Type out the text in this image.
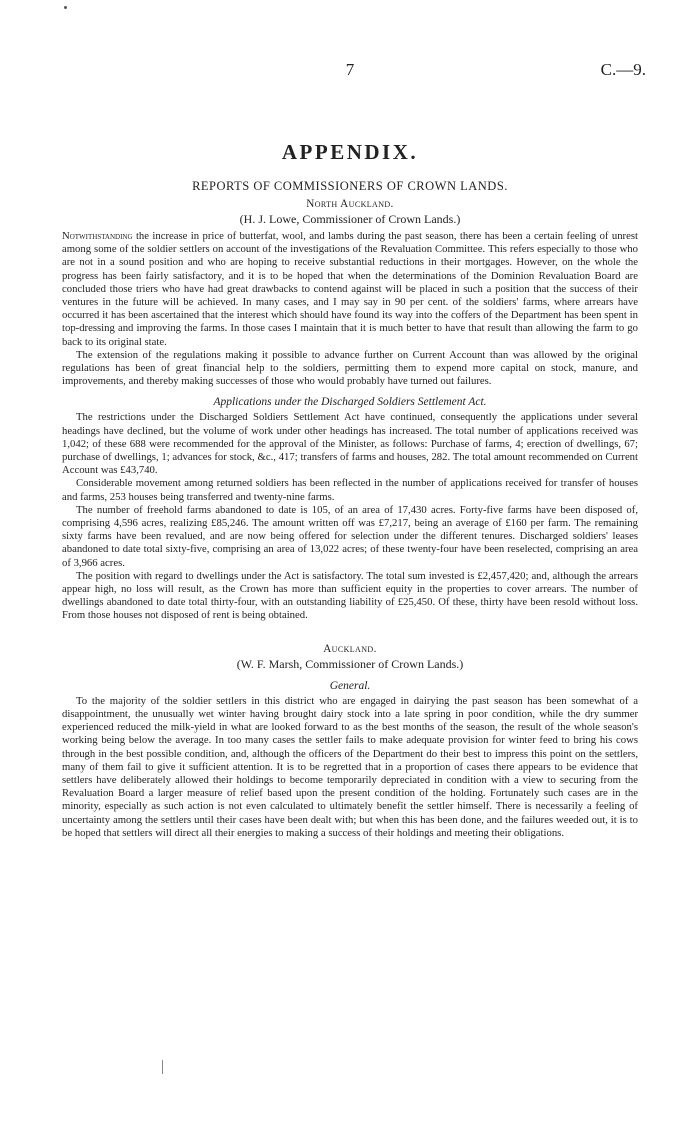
7	C.—9.
APPENDIX.
REPORTS OF COMMISSIONERS OF CROWN LANDS.
North Auckland.
(H. J. Lowe, Commissioner of Crown Lands.)

Notwithstanding the increase in price of butterfat, wool, and lambs during the past season, there has been a certain feeling of unrest among some of the soldier settlers on account of the investigations of the Revaluation Committee. This refers especially to those who are not in a sound position and who are hoping to receive substantial reductions in their mortgages. However, on the whole the progress has been fairly satisfactory, and it is to be hoped that when the determinations of the Dominion Revaluation Board are concluded those triers who have had great drawbacks to contend against will be placed in such a position that the success of their ventures in the future will be achieved. In many cases, and I may say in 90 per cent. of the soldiers' farms, where arrears have occurred it has been ascertained that the interest which should have found its way into the coffers of the Department has been spent in top-dressing and improving the farms. In those cases I maintain that it is much better to have that result than allowing the farm to go back to its original state.

The extension of the regulations making it possible to advance further on Current Account than was allowed by the original regulations has been of great financial help to the soldiers, permitting them to expend more capital on stock, manure, and improvements, and thereby making successes of those who would probably have turned out failures.

Applications under the Discharged Soldiers Settlement Act.

The restrictions under the Discharged Soldiers Settlement Act have continued, consequently the applications under several headings have declined, but the volume of work under other headings has increased. The total number of applications received was 1,042; of these 688 were recommended for the approval of the Minister, as follows: Purchase of farms, 4; erection of dwellings, 67; purchase of dwellings, 1; advances for stock, &c., 417; transfers of farms and houses, 282. The total amount recommended on Current Account was £43,740.

Considerable movement among returned soldiers has been reflected in the number of applications received for transfer of houses and farms, 253 houses being transferred and twenty-nine farms.

The number of freehold farms abandoned to date is 105, of an area of 17,430 acres. Forty-five farms have been disposed of, comprising 4,596 acres, realizing £85,246. The amount written off was £7,217, being an average of £160 per farm. The remaining sixty farms have been revalued, and are now being offered for selection under the different tenures. Discharged soldiers' leases abandoned to date total sixty-five, comprising an area of 13,022 acres; of these twenty-four have been reselected, comprising an area of 3,966 acres.

The position with regard to dwellings under the Act is satisfactory. The total sum invested is £2,457,420; and, although the arrears appear high, no loss will result, as the Crown has more than sufficient equity in the properties to cover arrears. The number of dwellings abandoned to date total thirty-four, with an outstanding liability of £25,450. Of these, thirty have been resold without loss. From those houses not disposed of rent is being obtained.

Auckland.
(W. F. Marsh, Commissioner of Crown Lands.)
General.

To the majority of the soldier settlers in this district who are engaged in dairying the past season has been somewhat of a disappointment, the unusually wet winter having brought dairy stock into a late spring in poor condition, while the dry summer experienced reduced the milk-yield in what are looked forward to as the best months of the season, the result of the whole season's working being below the average. In too many cases the settler fails to make adequate provision for winter feed to bring his cows through in the best possible condition, and, although the officers of the Department do their best to impress this point on the settlers, many of them fail to give it sufficient attention. It is to be regretted that in a proportion of cases there appears to be evidence that settlers have deliberately allowed their holdings to become temporarily depreciated in condition with a view to securing from the Revaluation Board a larger measure of relief based upon the present condition of the holding. Fortunately such cases are in the minority, especially as such action is not even calculated to ultimately benefit the settler himself. There is necessarily a feeling of uncertainty among the settlers until their cases have been dealt with; but when this has been done, and the failures weeded out, it is to be hoped that settlers will direct all their energies to making a success of their holdings and meeting their obligations.
